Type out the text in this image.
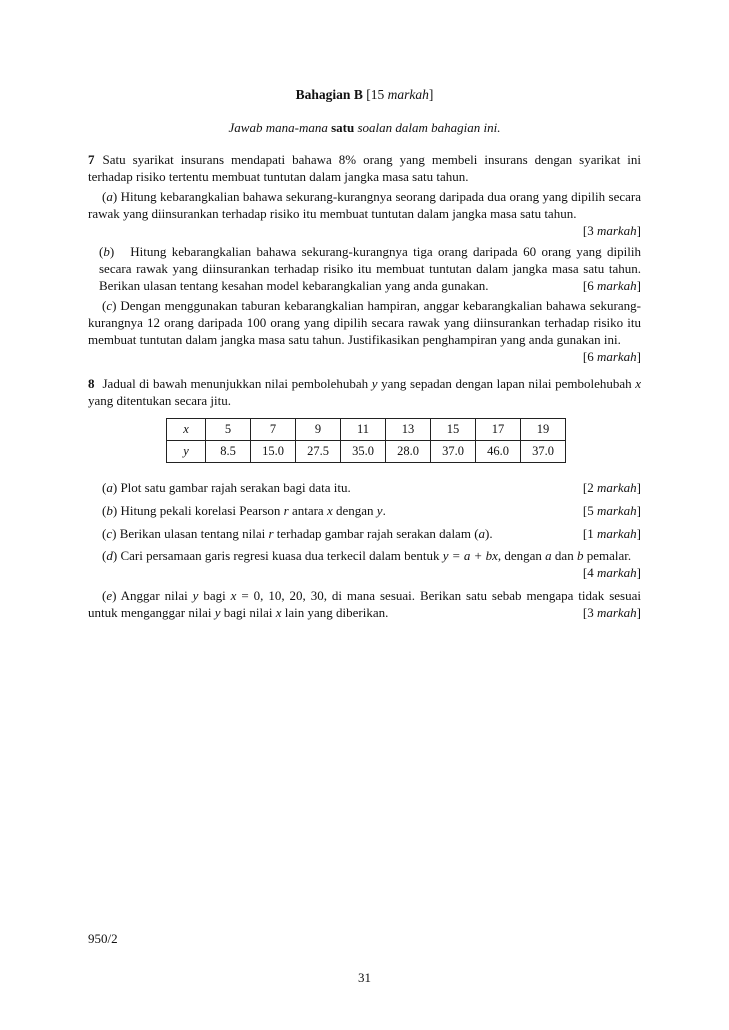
Bahagian B [15 markah]
Jawab mana-mana satu soalan dalam bahagian ini.
7 Satu syarikat insurans mendapati bahawa 8% orang yang membeli insurans dengan syarikat ini terhadap risiko tertentu membuat tuntutan dalam jangka masa satu tahun.
(a) Hitung kebarangkalian bahawa sekurang-kurangnya seorang daripada dua orang yang dipilih secara rawak yang diinsurankan terhadap risiko itu membuat tuntutan dalam jangka masa satu tahun.

[3 markah]
(b)   Hitung kebarangkalian bahawa sekurang-kurangnya tiga orang daripada 60 orang yang dipilih secara rawak yang diinsurankan terhadap risiko itu membuat tuntutan dalam jangka masa satu tahun. Berikan ulasan tentang kesahan model kebarangkalian yang anda gunakan.	[6 markah]
(c) Dengan menggunakan taburan kebarangkalian hampiran, anggar kebarangkalian bahawa sekurang-kurangnya 12 orang daripada 100 orang yang dipilih secara rawak yang diinsurankan terhadap risiko itu membuat tuntutan dalam jangka masa satu tahun. Justifikasikan penghampiran yang anda gunakan ini.
[6 markah]
8 Jadual di bawah menunjukkan nilai pembolehubah y yang sepadan dengan lapan nilai pembolehubah x yang ditentukan secara jitu.
x	5	7	9	11	13	15	17	19
y	8.5	15.0	27.5	35.0	28.0	37.0	46.0	37.0
(a) Plot satu gambar rajah serakan bagi data itu.	[2 markah]
(b) Hitung pekali korelasi Pearson r antara x dengan y.	[5 markah]
(c) Berikan ulasan tentang nilai r terhadap gambar rajah serakan dalam (a).	[1 markah]
(d) Cari persamaan garis regresi kuasa dua terkecil dalam bentuk y = a + bx, dengan a dan b pemalar.
[4 markah]
(e) Anggar nilai y bagi x = 0, 10, 20, 30, di mana sesuai. Berikan satu sebab mengapa tidak sesuai untuk menganggar nilai y bagi nilai x lain yang diberikan.	[3 markah]
950/2
31
